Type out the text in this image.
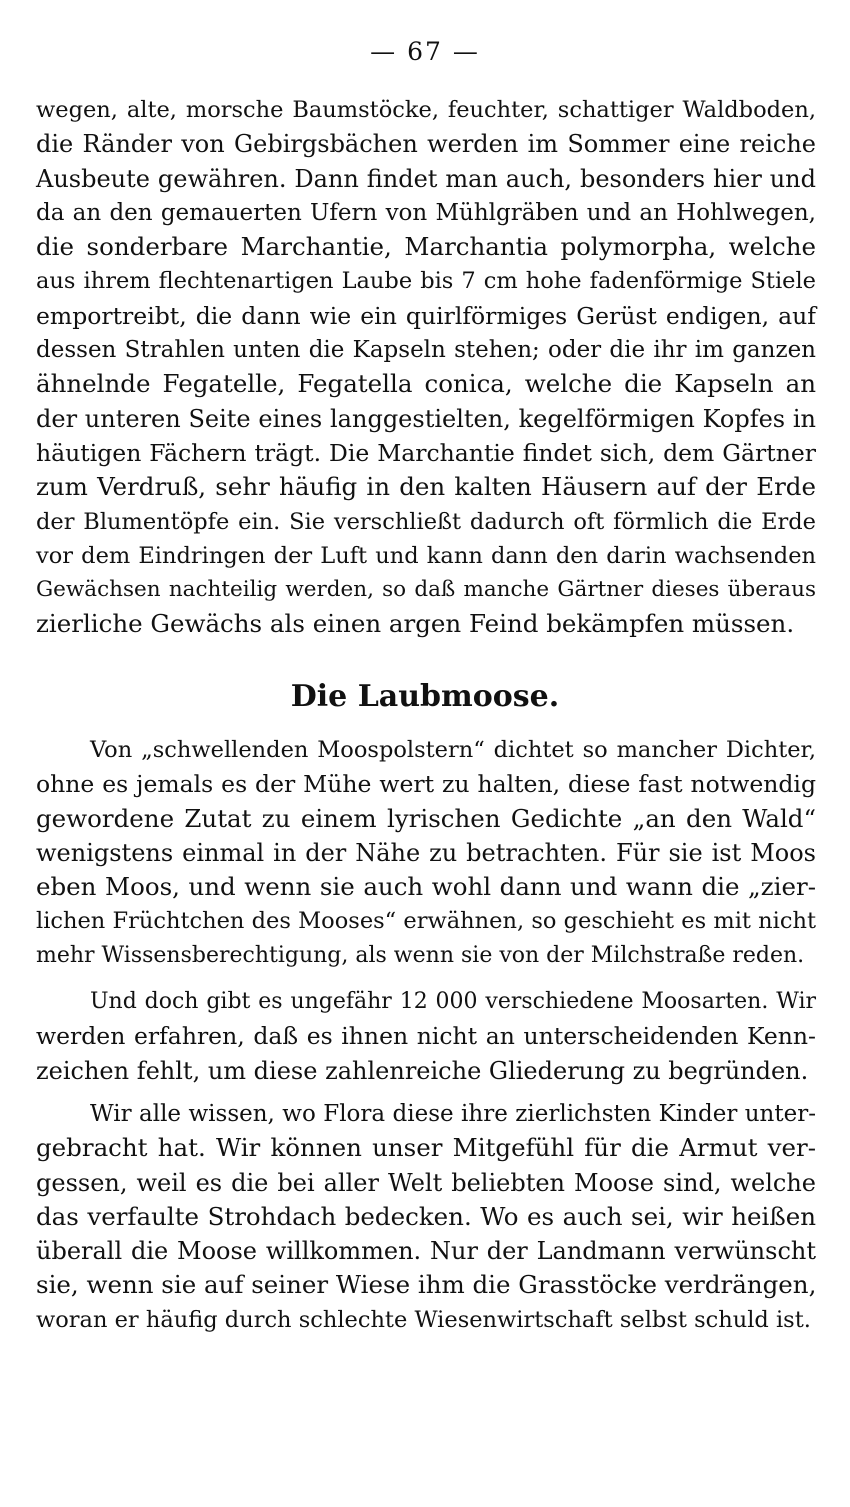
— 67 —
wegen, alte, morsche Baumstöcke, feuchter, schattiger Waldboden,
die Ränder von Gebirgsbächen werden im Sommer eine reiche
Ausbeute gewähren. Dann findet man auch, besonders hier und
da an den gemauerten Ufern von Mühlgräben und an Hohlwegen,
die sonderbare Marchantie, Marchantia polymorpha, welche
aus ihrem flechtenartigen Laube bis 7 cm hohe fadenförmige Stiele
emportreibt, die dann wie ein quirlförmiges Gerüst endigen, auf
dessen Strahlen unten die Kapseln stehen; oder die ihr im ganzen
ähnelnde Fegatelle, Fegatella conica, welche die Kapseln an
der unteren Seite eines langgestielten, kegelförmigen Kopfes in
häutigen Fächern trägt. Die Marchantie findet sich, dem Gärtner
zum Verdruß, sehr häufig in den kalten Häusern auf der Erde
der Blumentöpfe ein. Sie verschließt dadurch oft förmlich die Erde
vor dem Eindringen der Luft und kann dann den darin wachsenden
Gewächsen nachteilig werden, so daß manche Gärtner dieses überaus
zierliche Gewächs als einen argen Feind bekämpfen müssen.
Die Laubmoose.
Von „schwellenden Moospolstern“ dichtet so mancher Dichter,
ohne es jemals es der Mühe wert zu halten, diese fast notwendig
gewordene Zutat zu einem lyrischen Gedichte „an den Wald“
wenigstens einmal in der Nähe zu betrachten. Für sie ist Moos
eben Moos, und wenn sie auch wohl dann und wann die „zier-
lichen Früchtchen des Mooses“ erwähnen, so geschieht es mit nicht
mehr Wissensberechtigung, als wenn sie von der Milchstraße reden.
Und doch gibt es ungefähr 12 000 verschiedene Moosarten. Wir
werden erfahren, daß es ihnen nicht an unterscheidenden Kenn-
zeichen fehlt, um diese zahlenreiche Gliederung zu begründen.
Wir alle wissen, wo Flora diese ihre zierlichsten Kinder unter-
gebracht hat. Wir können unser Mitgefühl für die Armut ver-
gessen, weil es die bei aller Welt beliebten Moose sind, welche
das verfaulte Strohdach bedecken. Wo es auch sei, wir heißen
überall die Moose willkommen. Nur der Landmann verwünscht
sie, wenn sie auf seiner Wiese ihm die Grasstöcke verdrängen,
woran er häufig durch schlechte Wiesenwirtschaft selbst schuld ist.
